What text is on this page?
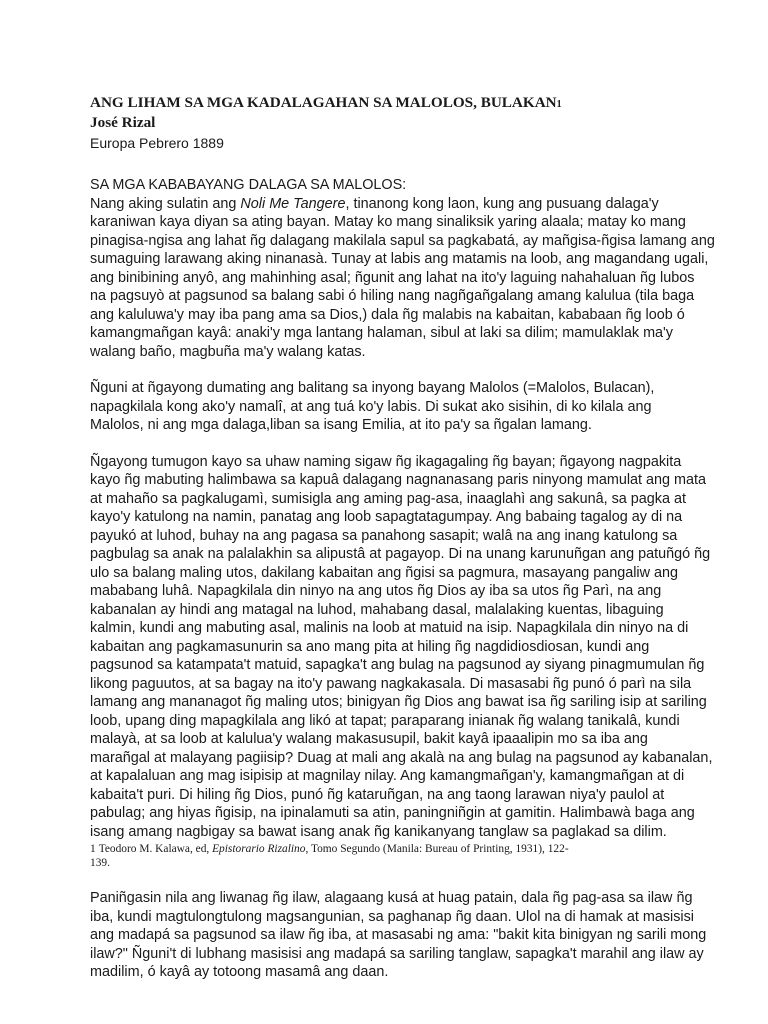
ANG LIHAM SA MGA KADALAGAHAN SA MALOLOS, BULAKAN1
José Rizal
Europa Pebrero 1889
SA MGA KABABAYANG DALAGA SA MALOLOS:
Nang aking sulatin ang Noli Me Tangere, tinanong kong laon, kung ang pusuang dalaga'y
karaniwan kaya diyan sa ating bayan. Matay ko mang sinaliksik yaring alaala; matay ko mang
pinagisa-ngisa ang lahat ñg dalagang makilala sapul sa pagkabatá, ay mañgisa-ñgisa lamang ang
sumaguing larawang aking ninanasà. Tunay at labis ang matamis na loob, ang magandang ugali,
ang binibining anyô, ang mahinhing asal; ñgunit ang lahat na ito'y laguing nahahaluan ñg lubos
na pagsuyò at pagsunod sa balang sabi ó hiling nang nagñgañgalang amang kalulua (tila baga
ang kaluluwa'y may iba pang ama sa Dios,) dala ñg malabis na kabaitan, kababaan ñg loob ó
kamangmañgan kayâ: anaki'y mga lantang halaman, sibul at laki sa dilim; mamulaklak ma'y
walang baño, magbuña ma'y walang katas.
Ñguni at ñgayong dumating ang balitang sa inyong bayang Malolos (=Malolos, Bulacan),
napagkilala kong ako'y namalî, at ang tuá ko'y labis. Di sukat ako sisihin, di ko kilala ang
Malolos, ni ang mga dalaga,liban sa isang Emilia, at ito pa'y sa ñgalan lamang.
Ñgayong tumugon kayo sa uhaw naming sigaw ñg ikagagaling ñg bayan; ñgayong nagpakita
kayo ñg mabuting halimbawa sa kapuâ dalagang nagnanasang paris ninyong mamulat ang mata
at mahaño sa pagkalugamì, sumisigla ang aming pag-asa, inaaglahì ang sakunâ, sa pagka at
kayo'y katulong na namin, panatag ang loob sapagtatagumpay. Ang babaing tagalog ay di na
payukó at luhod, buhay na ang pagasa sa panahong sasapit; walâ na ang inang katulong sa
pagbulag sa anak na palalakhin sa alipustâ at pagayop. Di na unang karunuñgan ang patuñgó ñg
ulo sa balang maling utos, dakilang kabaitan ang ñgisi sa pagmura, masayang pangaliw ang
mababang luhâ. Napagkilala din ninyo na ang utos ñg Dios ay iba sa utos ñg Parì, na ang
kabanalan ay hindi ang matagal na luhod, mahabang dasal, malalaking kuentas, libaguing
kalmin, kundi ang mabuting asal, malinis na loob at matuid na isip. Napagkilala din ninyo na di
kabaitan ang pagkamasunurin sa ano mang pita at hiling ñg nagdidiosdiosan, kundi ang
pagsunod sa katampata't matuid, sapagka't ang bulag na pagsunod ay siyang pinagmumulan ñg
likong paguutos, at sa bagay na ito'y pawang nagkakasala. Di masasabi ñg punó ó parì na sila
lamang ang mananagot ñg maling utos; binigyan ñg Dios ang bawat isa ñg sariling isip at sariling
loob, upang ding mapagkilala ang likó at tapat; paraparang inianak ñg walang tanikalâ, kundi
malayà, at sa loob at kalulua'y walang makasusupil, bakit kayâ ipaaalipin mo sa iba ang
marañgal at malayang pagiisip? Duag at mali ang akalà na ang bulag na pagsunod ay kabanalan,
at kapalaluan ang mag isipisip at magnilay nilay. Ang kamangmañgan'y, kamangmañgan at di
kabaita't puri. Di hiling ñg Dios, punó ñg kataruñgan, na ang taong larawan niya'y paulol at
pabulag; ang hiyas ñgisip, na ipinalamuti sa atin, paningniñgin at gamitin. Halimbawà baga ang
isang amang nagbigay sa bawat isang anak ñg kanikanyang tanglaw sa paglakad sa dilim.
1 Teodoro M. Kalawa, ed, Epistorario Rizalino, Tomo Segundo (Manila: Bureau of Printing, 1931), 122-
139.
Paniñgasin nila ang liwanag ñg ilaw, alagaang kusá at huag patain, dala ñg pag-asa sa ilaw ñg
iba, kundi magtulongtulong magsangunian, sa paghanap ñg daan. Ulol na di hamak at masisisi
ang madapá sa pagsunod sa ilaw ñg iba, at masasabi ng ama: "bakit kita binigyan ng sarili mong
ilaw?" Ñguni't di lubhang masisisi ang madapá sa sariling tanglaw, sapagka't marahil ang ilaw ay
madilim, ó kayâ ay totoong masamâ ang daan.
